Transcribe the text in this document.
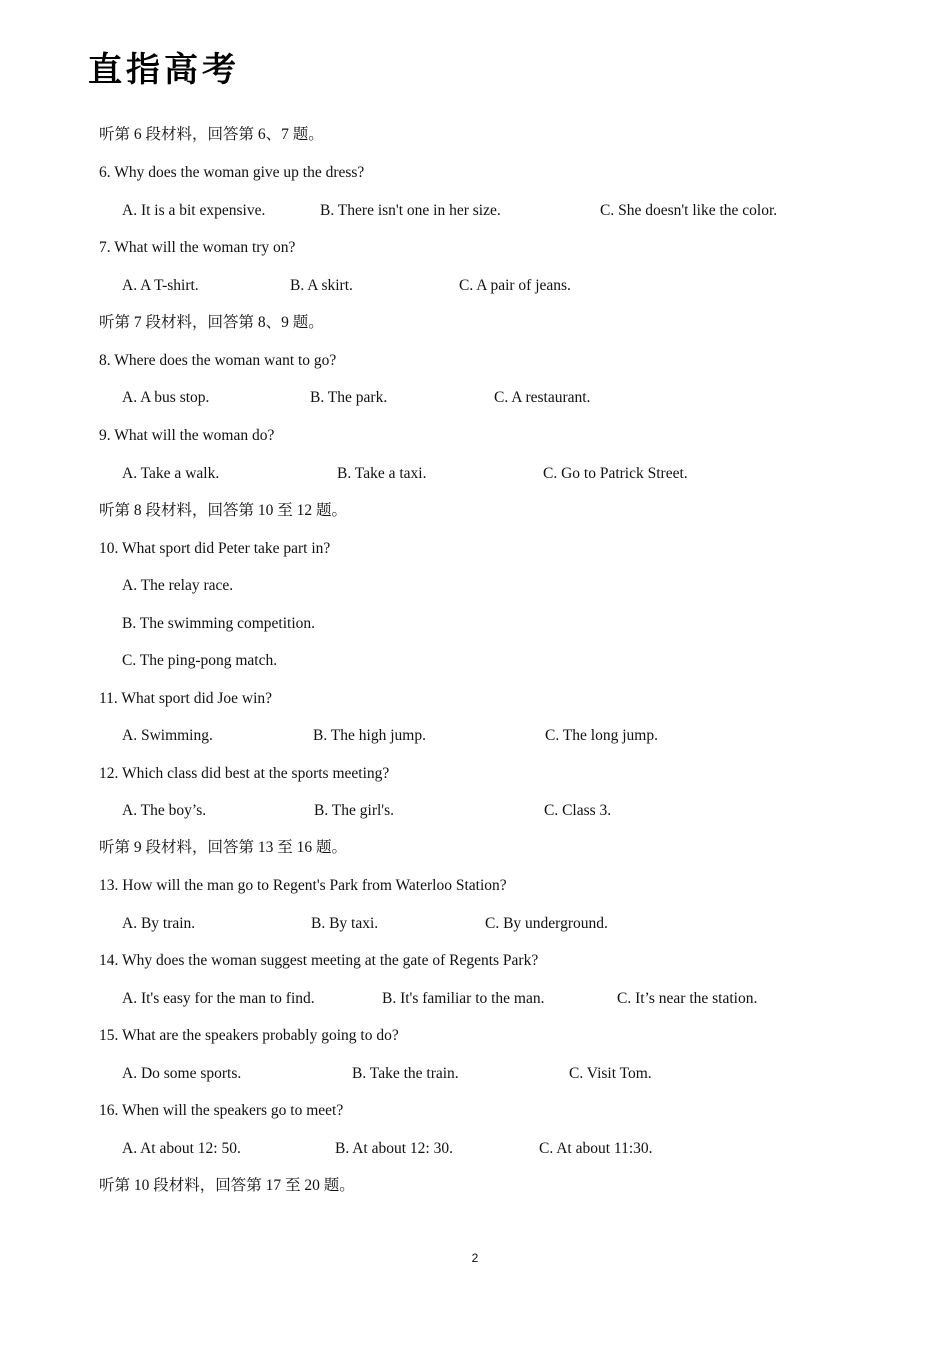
直指高考
听第 6 段材料，回答第 6、7 题。
6. Why does the woman give up the dress?
A. It is a bit expensive.	B. There isn't one in her size.	C. She doesn't like the color.
7. What will the woman try on?
A. A T-shirt.	B. A skirt.	C. A pair of jeans.
听第 7 段材料，回答第 8、9 题。
8. Where does the woman want to go?
A. A bus stop.	B. The park.	C. A restaurant.
9. What will the woman do?
A. Take a walk.	B. Take a taxi.	C. Go to Patrick Street.
听第 8 段材料，回答第 10 至 12 题。
10. What sport did Peter take part in?
A. The relay race.
B. The swimming competition.
C. The ping-pong match.
11. What sport did Joe win?
A. Swimming.	B. The high jump.	C. The long jump.
12. Which class did best at the sports meeting?
A. The boy’s.	B. The girl's.	C. Class 3.
听第 9 段材料，回答第 13 至 16 题。
13. How will the man go to Regent's Park from Waterloo Station?
A. By train.	B. By taxi.	C. By underground.
14. Why does the woman suggest meeting at the gate of Regents Park?
A. It's easy for the man to find.	B. It's familiar to the man.	C. It’s near the station.
15. What are the speakers probably going to do?
A. Do some sports.	B. Take the train.	C. Visit Tom.
16. When will the speakers go to meet?
A. At about 12: 50.	B. At about 12: 30.	C. At about 11:30.
听第 10 段材料，回答第 17 至 20 题。
2
